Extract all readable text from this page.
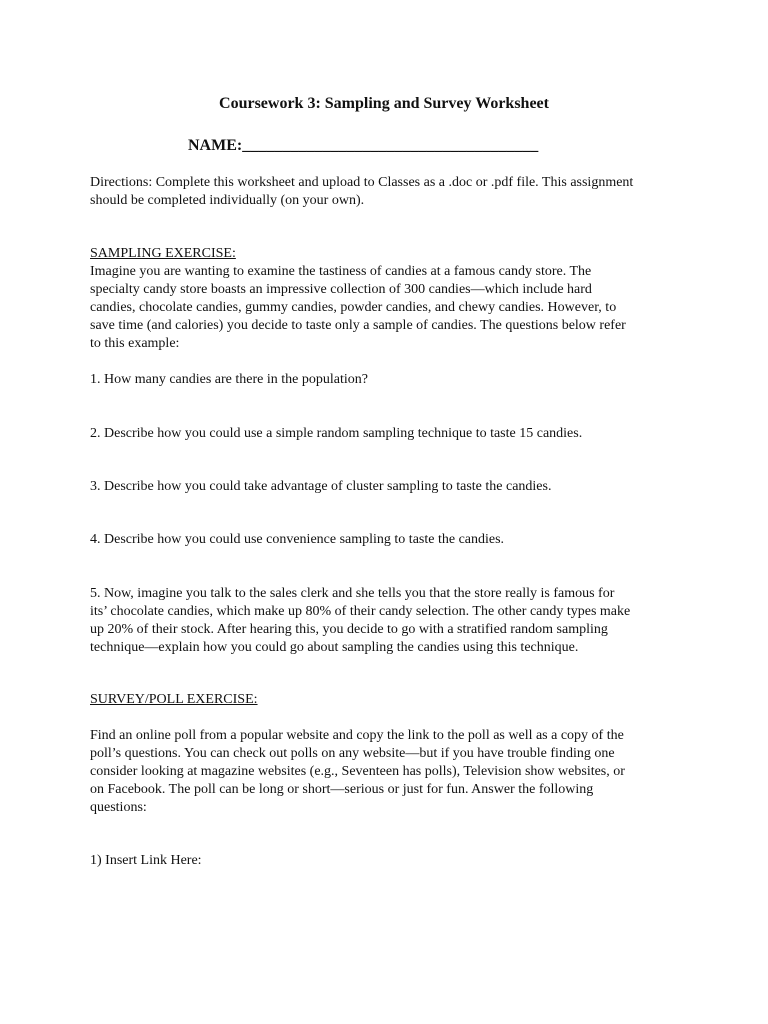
Coursework 3: Sampling and Survey Worksheet
NAME:_____________________________________
Directions: Complete this worksheet and upload to Classes as a .doc or .pdf file. This assignment
should be completed individually (on your own).
SAMPLING EXERCISE:
Imagine you are wanting to examine the tastiness of candies at a famous candy store. The
specialty candy store boasts an impressive collection of 300 candies—which include hard
candies, chocolate candies, gummy candies, powder candies, and chewy candies. However, to
save time (and calories) you decide to taste only a sample of candies. The questions below refer
to this example:
1. How many candies are there in the population?
2. Describe how you could use a simple random sampling technique to taste 15 candies.
3. Describe how you could take advantage of cluster sampling to taste the candies.
4. Describe how you could use convenience sampling to taste the candies.
5. Now, imagine you talk to the sales clerk and she tells you that the store really is famous for
its’ chocolate candies, which make up 80% of their candy selection. The other candy types make
up 20% of their stock. After hearing this, you decide to go with a stratified random sampling
technique—explain how you could go about sampling the candies using this technique.
SURVEY/POLL EXERCISE:
Find an online poll from a popular website and copy the link to the poll as well as a copy of the
poll’s questions. You can check out polls on any website—but if you have trouble finding one
consider looking at magazine websites (e.g., Seventeen has polls), Television show websites, or
on Facebook. The poll can be long or short—serious or just for fun. Answer the following
questions:
1) Insert Link Here:
